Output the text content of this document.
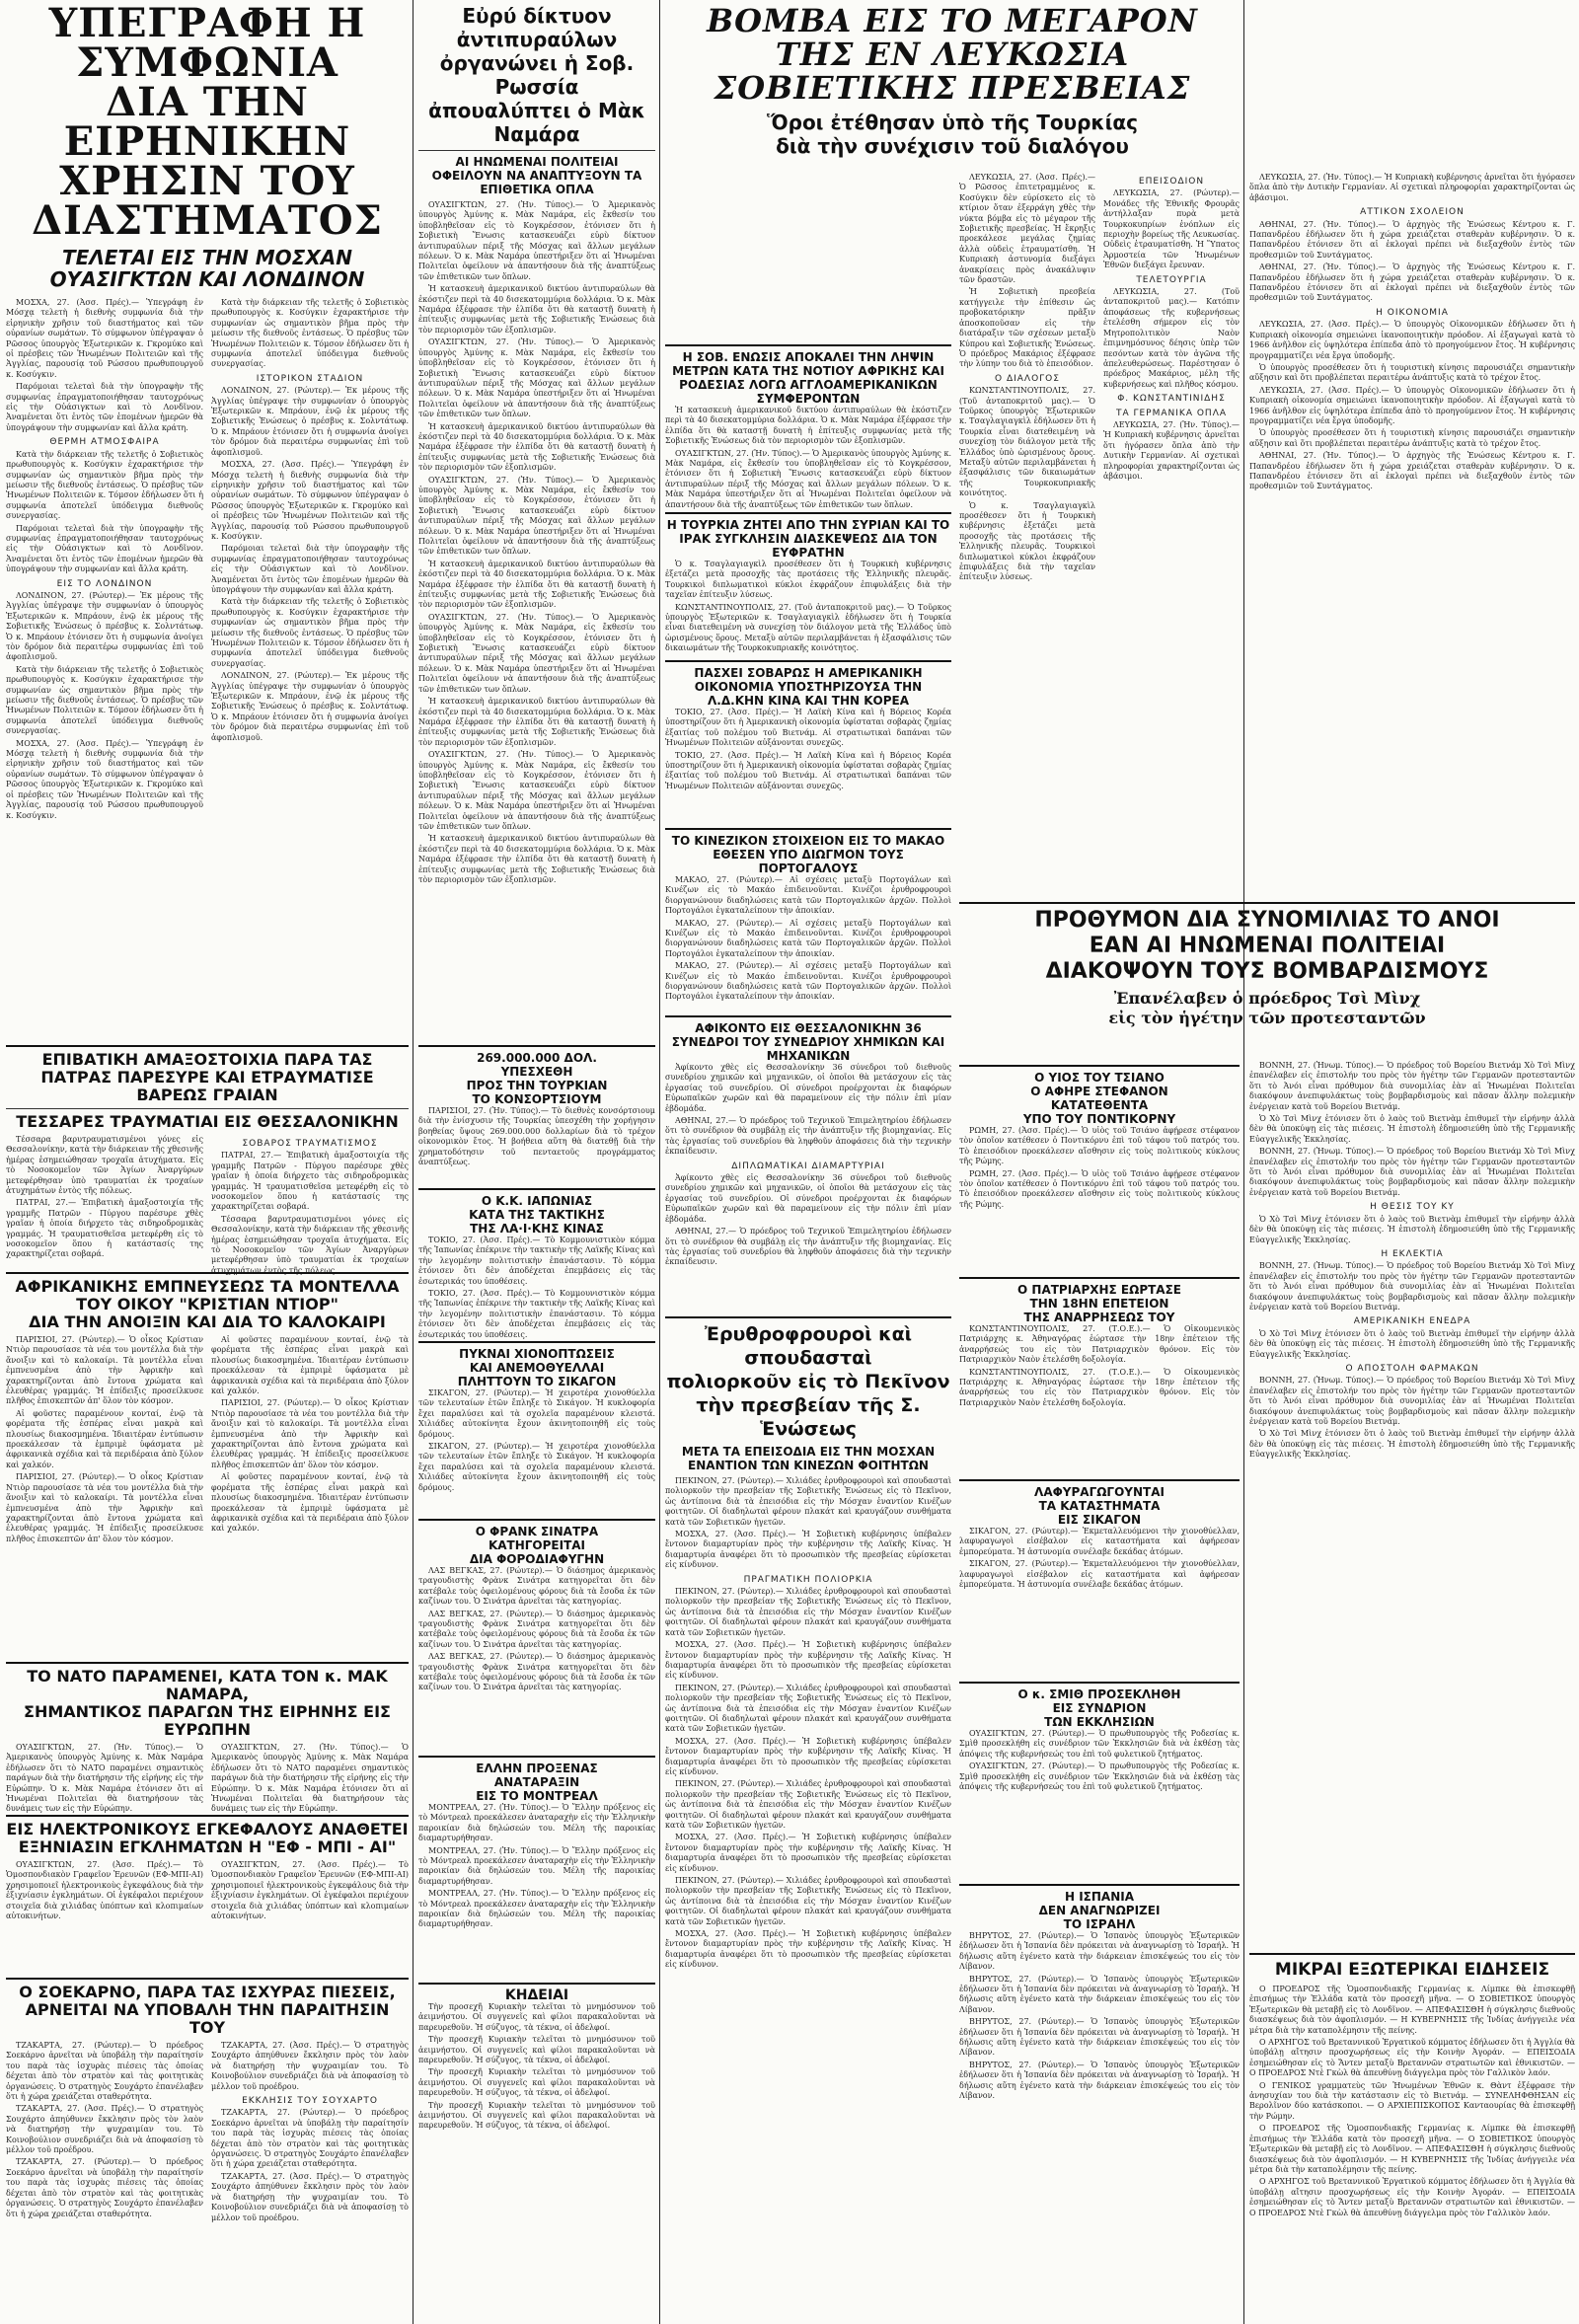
ΥΠΕΓΡΑΦΗ Η ΣΥΜΦΩΝΙΑ
ΔΙΑ ΤΗΝ ΕΙΡΗΝΙΚΗΝ
ΧΡΗΣΙΝ ΤΟΥ ΔΙΑΣΤΗΜΑΤΟΣ
ΤΕΛΕΤΑΙ ΕΙΣ ΤΗΝ ΜΟΣΧΑΝ
ΟΥΑΣΙΓΚΤΩΝ ΚΑΙ ΛΟΝΔΙΝΟΝ

ΜΟΣΧΑ, 27. (Ἀσσ. Πρές).— Ὑπεγράφη ἐν Μόσχᾳ τελετὴ ἡ διεθνὴς συμφωνία διὰ τὴν εἰρηνικὴν χρῆσιν τοῦ διαστήματος καὶ τῶν οὐρανίων σωμάτων. Τὸ σύμφωνον ὑπέγραψαν ὁ Ρῶσσος ὑπουργὸς Ἐξωτερικῶν κ. Γκρομύκο καὶ οἱ πρέσβεις τῶν Ἡνωμένων Πολιτειῶν καὶ τῆς Ἀγγλίας, παρουσίᾳ τοῦ Ρώσσου πρωθυπουργοῦ κ. Κοσύγκιν.

Παρόμοιαι τελεταὶ διὰ τὴν ὑπογραφὴν τῆς συμφωνίας ἐπραγματοποιήθησαν ταυτοχρόνως εἰς τὴν Οὐάσιγκτων καὶ τὸ Λονδῖνον. Ἀναμένεται ὅτι ἐντὸς τῶν ἑπομένων ἡμερῶν θὰ ὑπογράψουν τὴν συμφωνίαν καὶ ἄλλα κράτη.

ΘΕΡΜΗ ΑΤΜΟΣΦΑΙΡΑ

Κατὰ τὴν διάρκειαν τῆς τελετῆς ὁ Σοβιετικὸς πρωθυπουργὸς κ. Κοσύγκιν ἐχαρακτήρισε τὴν συμφωνίαν ὡς σημαντικὸν βῆμα πρὸς τὴν μείωσιν τῆς διεθνοῦς ἐντάσεως. Ὁ πρέσβυς τῶν Ἡνωμένων Πολιτειῶν κ. Τόμσον ἐδήλωσεν ὅτι ἡ συμφωνία ἀποτελεῖ ὑπόδειγμα διεθνοῦς συνεργασίας.

Παρόμοιαι τελεταὶ διὰ τὴν ὑπογραφὴν τῆς συμφωνίας ἐπραγματοποιήθησαν ταυτοχρόνως εἰς τὴν Οὐάσιγκτων καὶ τὸ Λονδῖνον. Ἀναμένεται ὅτι ἐντὸς τῶν ἑπομένων ἡμερῶν θὰ ὑπογράψουν τὴν συμφωνίαν καὶ ἄλλα κράτη.

ΕΙΣ ΤΟ ΛΟΝΔΙΝΟΝ

ΛΟΝΔΙΝΟΝ, 27. (Ρώυτερ).— Ἐκ μέρους τῆς Ἀγγλίας ὑπέγραψε τὴν συμφωνίαν ὁ ὑπουργὸς Ἐξωτερικῶν κ. Μπράουν, ἐνῷ ἐκ μέρους τῆς Σοβιετικῆς Ἑνώσεως ὁ πρέσβυς κ. Σολντάτωφ. Ὁ κ. Μπράουν ἐτόνισεν ὅτι ἡ συμφωνία ἀνοίγει τὸν δρόμον διὰ περαιτέρω συμφωνίας ἐπὶ τοῦ ἀφοπλισμοῦ.

Κατὰ τὴν διάρκειαν τῆς τελετῆς ὁ Σοβιετικὸς πρωθυπουργὸς κ. Κοσύγκιν ἐχαρακτήρισε τὴν συμφωνίαν ὡς σημαντικὸν βῆμα πρὸς τὴν μείωσιν τῆς διεθνοῦς ἐντάσεως. Ὁ πρέσβυς τῶν Ἡνωμένων Πολιτειῶν κ. Τόμσον ἐδήλωσεν ὅτι ἡ συμφωνία ἀποτελεῖ ὑπόδειγμα διεθνοῦς συνεργασίας.

ΜΟΣΧΑ, 27. (Ἀσσ. Πρές).— Ὑπεγράφη ἐν Μόσχᾳ τελετὴ ἡ διεθνὴς συμφωνία διὰ τὴν εἰρηνικὴν χρῆσιν τοῦ διαστήματος καὶ τῶν οὐρανίων σωμάτων. Τὸ σύμφωνον ὑπέγραψαν ὁ Ρῶσσος ὑπουργὸς Ἐξωτερικῶν κ. Γκρομύκο καὶ οἱ πρέσβεις τῶν Ἡνωμένων Πολιτειῶν καὶ τῆς Ἀγγλίας, παρουσίᾳ τοῦ Ρώσσου πρωθυπουργοῦ κ. Κοσύγκιν.

Κατὰ τὴν διάρκειαν τῆς τελετῆς ὁ Σοβιετικὸς πρωθυπουργὸς κ. Κοσύγκιν ἐχαρακτήρισε τὴν συμφωνίαν ὡς σημαντικὸν βῆμα πρὸς τὴν μείωσιν τῆς διεθνοῦς ἐντάσεως. Ὁ πρέσβυς τῶν Ἡνωμένων Πολιτειῶν κ. Τόμσον ἐδήλωσεν ὅτι ἡ συμφωνία ἀποτελεῖ ὑπόδειγμα διεθνοῦς συνεργασίας.

ΙΣΤΟΡΙΚΟΝ ΣΤΑΔΙΟΝ

ΛΟΝΔΙΝΟΝ, 27. (Ρώυτερ).— Ἐκ μέρους τῆς Ἀγγλίας ὑπέγραψε τὴν συμφωνίαν ὁ ὑπουργὸς Ἐξωτερικῶν κ. Μπράουν, ἐνῷ ἐκ μέρους τῆς Σοβιετικῆς Ἑνώσεως ὁ πρέσβυς κ. Σολντάτωφ. Ὁ κ. Μπράουν ἐτόνισεν ὅτι ἡ συμφωνία ἀνοίγει τὸν δρόμον διὰ περαιτέρω συμφωνίας ἐπὶ τοῦ ἀφοπλισμοῦ.

ΜΟΣΧΑ, 27. (Ἀσσ. Πρές).— Ὑπεγράφη ἐν Μόσχᾳ τελετὴ ἡ διεθνὴς συμφωνία διὰ τὴν εἰρηνικὴν χρῆσιν τοῦ διαστήματος καὶ τῶν οὐρανίων σωμάτων. Τὸ σύμφωνον ὑπέγραψαν ὁ Ρῶσσος ὑπουργὸς Ἐξωτερικῶν κ. Γκρομύκο καὶ οἱ πρέσβεις τῶν Ἡνωμένων Πολιτειῶν καὶ τῆς Ἀγγλίας, παρουσίᾳ τοῦ Ρώσσου πρωθυπουργοῦ κ. Κοσύγκιν.

Παρόμοιαι τελεταὶ διὰ τὴν ὑπογραφὴν τῆς συμφωνίας ἐπραγματοποιήθησαν ταυτοχρόνως εἰς τὴν Οὐάσιγκτων καὶ τὸ Λονδῖνον. Ἀναμένεται ὅτι ἐντὸς τῶν ἑπομένων ἡμερῶν θὰ ὑπογράψουν τὴν συμφωνίαν καὶ ἄλλα κράτη.

Κατὰ τὴν διάρκειαν τῆς τελετῆς ὁ Σοβιετικὸς πρωθυπουργὸς κ. Κοσύγκιν ἐχαρακτήρισε τὴν συμφωνίαν ὡς σημαντικὸν βῆμα πρὸς τὴν μείωσιν τῆς διεθνοῦς ἐντάσεως. Ὁ πρέσβυς τῶν Ἡνωμένων Πολιτειῶν κ. Τόμσον ἐδήλωσεν ὅτι ἡ συμφωνία ἀποτελεῖ ὑπόδειγμα διεθνοῦς συνεργασίας.

ΛΟΝΔΙΝΟΝ, 27. (Ρώυτερ).— Ἐκ μέρους τῆς Ἀγγλίας ὑπέγραψε τὴν συμφωνίαν ὁ ὑπουργὸς Ἐξωτερικῶν κ. Μπράουν, ἐνῷ ἐκ μέρους τῆς Σοβιετικῆς Ἑνώσεως ὁ πρέσβυς κ. Σολντάτωφ. Ὁ κ. Μπράουν ἐτόνισεν ὅτι ἡ συμφωνία ἀνοίγει τὸν δρόμον διὰ περαιτέρω συμφωνίας ἐπὶ τοῦ ἀφοπλισμοῦ.

ΕΠΙΒΑΤΙΚΗ ΑΜΑΞΟΣΤΟΙΧΙΑ ΠΑΡΑ ΤΑΣ ΠΑΤΡΑΣ ΠΑΡΕΣΥΡΕ ΚΑΙ ΕΤΡΑΥΜΑΤΙΣΕ ΒΑΡΕΩΣ ΓΡΑΙΑΝ
ΤΕΣΣΑΡΕΣ ΤΡΑΥΜΑΤΙΑΙ ΕΙΣ ΘΕΣΣΑΛΟΝΙΚΗΝ

Τέσσαρα βαρυτραυματισμένοι γόνες εἰς Θεσσαλονίκην, κατὰ τὴν διάρκειαν τῆς χθεσινῆς ἡμέρας ἐσημειώθησαν τροχαῖα ἀτυχήματα. Εἰς τὸ Νοσοκομεῖον τῶν Ἁγίων Ἀναργύρων μετεφέρθησαν ὑπὸ τραυματίαι ἐκ τροχαίων ἀτυχημάτων ἐντὸς τῆς πόλεως.

ΠΑΤΡΑΙ, 27.— Ἐπιβατικὴ ἁμαξοστοιχία τῆς γραμμῆς Πατρῶν - Πύργου παρέσυρε χθὲς γραῖαν ἡ ὁποία διήρχετο τὰς σιδηροδρομικὰς γραμμάς. Ἡ τραυματισθεῖσα μετεφέρθη εἰς τὸ νοσοκομεῖον ὅπου ἡ κατάστασίς της χαρακτηρίζεται σοβαρά.

ΣΟΒΑΡΟΣ ΤΡΑΥΜΑΤΙΣΜΟΣ

ΠΑΤΡΑΙ, 27.— Ἐπιβατικὴ ἁμαξοστοιχία τῆς γραμμῆς Πατρῶν - Πύργου παρέσυρε χθὲς γραῖαν ἡ ὁποία διήρχετο τὰς σιδηροδρομικὰς γραμμάς. Ἡ τραυματισθεῖσα μετεφέρθη εἰς τὸ νοσοκομεῖον ὅπου ἡ κατάστασίς της χαρακτηρίζεται σοβαρά.

Τέσσαρα βαρυτραυματισμένοι γόνες εἰς Θεσσαλονίκην, κατὰ τὴν διάρκειαν τῆς χθεσινῆς ἡμέρας ἐσημειώθησαν τροχαῖα ἀτυχήματα. Εἰς τὸ Νοσοκομεῖον τῶν Ἁγίων Ἀναργύρων μετεφέρθησαν ὑπὸ τραυματίαι ἐκ τροχαίων ἀτυχημάτων ἐντὸς τῆς πόλεως.

ΑΦΡΙΚΑΝΙΚΗΣ ΕΜΠΝΕΥΣΕΩΣ ΤΑ ΜΟΝΤΕΛΛΑ
ΤΟΥ ΟΙΚΟΥ "ΚΡΙΣΤΙΑΝ ΝΤΙΟΡ"
ΔΙΑ ΤΗΝ ΑΝΟΙΞΙΝ ΚΑΙ ΔΙΑ ΤΟ ΚΑΛΟΚΑΙΡΙ

ΠΑΡΙΣΙΟΙ, 27. (Ρώυτερ).— Ὁ οἶκος Κρίστιαν Ντιὸρ παρουσίασε τὰ νέα του μοντέλλα διὰ τὴν ἄνοιξιν καὶ τὸ καλοκαίρι. Τὰ μοντέλλα εἶναι ἐμπνευσμένα ἀπὸ τὴν Ἀφρικὴν καὶ χαρακτηρίζονται ἀπὸ ἔντονα χρώματα καὶ ἐλευθέρας γραμμάς. Ἡ ἐπίδειξις προσείλκυσε πλῆθος ἐπισκεπτῶν ἀπ' ὅλον τὸν κόσμον.

Αἱ φοῦστες παραμένουν κονταί, ἐνῷ τὰ φορέματα τῆς ἑσπέρας εἶναι μακρὰ καὶ πλουσίως διακοσμημένα. Ἰδιαιτέραν ἐντύπωσιν προεκάλεσαν τὰ ἐμπριμὲ ὑφάσματα μὲ ἀφρικανικὰ σχέδια καὶ τὰ περιδέραια ἀπὸ ξύλον καὶ χαλκόν.

ΠΑΡΙΣΙΟΙ, 27. (Ρώυτερ).— Ὁ οἶκος Κρίστιαν Ντιὸρ παρουσίασε τὰ νέα του μοντέλλα διὰ τὴν ἄνοιξιν καὶ τὸ καλοκαίρι. Τὰ μοντέλλα εἶναι ἐμπνευσμένα ἀπὸ τὴν Ἀφρικὴν καὶ χαρακτηρίζονται ἀπὸ ἔντονα χρώματα καὶ ἐλευθέρας γραμμάς. Ἡ ἐπίδειξις προσείλκυσε πλῆθος ἐπισκεπτῶν ἀπ' ὅλον τὸν κόσμον.

Αἱ φοῦστες παραμένουν κονταί, ἐνῷ τὰ φορέματα τῆς ἑσπέρας εἶναι μακρὰ καὶ πλουσίως διακοσμημένα. Ἰδιαιτέραν ἐντύπωσιν προεκάλεσαν τὰ ἐμπριμὲ ὑφάσματα μὲ ἀφρικανικὰ σχέδια καὶ τὰ περιδέραια ἀπὸ ξύλον καὶ χαλκόν.

ΠΑΡΙΣΙΟΙ, 27. (Ρώυτερ).— Ὁ οἶκος Κρίστιαν Ντιὸρ παρουσίασε τὰ νέα του μοντέλλα διὰ τὴν ἄνοιξιν καὶ τὸ καλοκαίρι. Τὰ μοντέλλα εἶναι ἐμπνευσμένα ἀπὸ τὴν Ἀφρικὴν καὶ χαρακτηρίζονται ἀπὸ ἔντονα χρώματα καὶ ἐλευθέρας γραμμάς. Ἡ ἐπίδειξις προσείλκυσε πλῆθος ἐπισκεπτῶν ἀπ' ὅλον τὸν κόσμον.

Αἱ φοῦστες παραμένουν κονταί, ἐνῷ τὰ φορέματα τῆς ἑσπέρας εἶναι μακρὰ καὶ πλουσίως διακοσμημένα. Ἰδιαιτέραν ἐντύπωσιν προεκάλεσαν τὰ ἐμπριμὲ ὑφάσματα μὲ ἀφρικανικὰ σχέδια καὶ τὰ περιδέραια ἀπὸ ξύλον καὶ χαλκόν.

ΤΟ ΝΑΤΟ ΠΑΡΑΜΕΝΕΙ, ΚΑΤΑ ΤΟΝ κ. ΜΑΚ ΝΑΜΑΡΑ,
ΣΗΜΑΝΤΙΚΟΣ ΠΑΡΑΓΩΝ ΤΗΣ ΕΙΡΗΝΗΣ ΕΙΣ ΕΥΡΩΠΗΝ

ΟΥΑΣΙΓΚΤΩΝ, 27. (Ἡν. Τύπος).— Ὁ Ἀμερικανὸς ὑπουργὸς Ἀμύνης κ. Μὰκ Ναμάρα ἐδήλωσεν ὅτι τὸ ΝΑΤΟ παραμένει σημαντικὸς παράγων διὰ τὴν διατήρησιν τῆς εἰρήνης εἰς τὴν Εὐρώπην. Ὁ κ. Μὰκ Ναμάρα ἐτόνισεν ὅτι αἱ Ἡνωμέναι Πολιτεῖαι θὰ διατηρήσουν τὰς δυνάμεις των εἰς τὴν Εὐρώπην.

ΟΥΑΣΙΓΚΤΩΝ, 27. (Ἡν. Τύπος).— Ὁ Ἀμερικανὸς ὑπουργὸς Ἀμύνης κ. Μὰκ Ναμάρα ἐδήλωσεν ὅτι τὸ ΝΑΤΟ παραμένει σημαντικὸς παράγων διὰ τὴν διατήρησιν τῆς εἰρήνης εἰς τὴν Εὐρώπην. Ὁ κ. Μὰκ Ναμάρα ἐτόνισεν ὅτι αἱ Ἡνωμέναι Πολιτεῖαι θὰ διατηρήσουν τὰς δυνάμεις των εἰς τὴν Εὐρώπην.

ΕΙΣ ΗΛΕΚΤΡΟΝΙΚΟΥΣ ΕΓΚΕΦΑΛΟΥΣ ΑΝΑΘΕΤΕΙ
ΕΞΗΝΙΑΣΙΝ ΕΓΚΛΗΜΑΤΩΝ Η "ΕΦ - ΜΠΙ - ΑΙ"

ΟΥΑΣΙΓΚΤΩΝ, 27. (Ἀσσ. Πρές).— Τὸ Ὁμοσπονδιακὸν Γραφεῖον Ἐρευνῶν (ΕΦ-ΜΠΙ-ΑΙ) χρησιμοποιεῖ ἠλεκτρονικοὺς ἐγκεφάλους διὰ τὴν ἐξιχνίασιν ἐγκλημάτων. Οἱ ἐγκέφαλοι περιέχουν στοιχεῖα διὰ χιλιάδας ὑπόπτων καὶ κλοπιμαίων αὐτοκινήτων.

ΟΥΑΣΙΓΚΤΩΝ, 27. (Ἀσσ. Πρές).— Τὸ Ὁμοσπονδιακὸν Γραφεῖον Ἐρευνῶν (ΕΦ-ΜΠΙ-ΑΙ) χρησιμοποιεῖ ἠλεκτρονικοὺς ἐγκεφάλους διὰ τὴν ἐξιχνίασιν ἐγκλημάτων. Οἱ ἐγκέφαλοι περιέχουν στοιχεῖα διὰ χιλιάδας ὑπόπτων καὶ κλοπιμαίων αὐτοκινήτων.

Ο ΣΟΕΚΑΡΝΟ, ΠΑΡΑ ΤΑΣ ΙΣΧΥΡΑΣ ΠΙΕΣΕΙΣ,
ΑΡΝΕΙΤΑΙ ΝΑ ΥΠΟΒΑΛΗ ΤΗΝ ΠΑΡΑΙΤΗΣΙΝ ΤΟΥ

ΤΖΑΚΑΡΤΑ, 27. (Ρώυτερ).— Ὁ πρόεδρος Σοεκάρνο ἀρνεῖται νὰ ὑποβάλῃ τὴν παραίτησίν του παρὰ τὰς ἰσχυρὰς πιέσεις τὰς ὁποίας δέχεται ἀπὸ τὸν στρατὸν καὶ τὰς φοιτητικὰς ὀργανώσεις. Ὁ στρατηγὸς Σουχάρτο ἐπανέλαβεν ὅτι ἡ χώρα χρειάζεται σταθερότητα.

ΤΖΑΚΑΡΤΑ, 27. (Ἀσσ. Πρές).— Ὁ στρατηγὸς Σουχάρτο ἀπηύθυνεν ἔκκλησιν πρὸς τὸν λαὸν νὰ διατηρήσῃ τὴν ψυχραιμίαν του. Τὸ Κοινοβούλιον συνεδριάζει διὰ νὰ ἀποφασίσῃ τὸ μέλλον τοῦ προέδρου.

ΤΖΑΚΑΡΤΑ, 27. (Ρώυτερ).— Ὁ πρόεδρος Σοεκάρνο ἀρνεῖται νὰ ὑποβάλῃ τὴν παραίτησίν του παρὰ τὰς ἰσχυρὰς πιέσεις τὰς ὁποίας δέχεται ἀπὸ τὸν στρατὸν καὶ τὰς φοιτητικὰς ὀργανώσεις. Ὁ στρατηγὸς Σουχάρτο ἐπανέλαβεν ὅτι ἡ χώρα χρειάζεται σταθερότητα.

ΤΖΑΚΑΡΤΑ, 27. (Ἀσσ. Πρές).— Ὁ στρατηγὸς Σουχάρτο ἀπηύθυνεν ἔκκλησιν πρὸς τὸν λαὸν νὰ διατηρήσῃ τὴν ψυχραιμίαν του. Τὸ Κοινοβούλιον συνεδριάζει διὰ νὰ ἀποφασίσῃ τὸ μέλλον τοῦ προέδρου.

ΕΚΚΛΗΣΙΣ ΤΟΥ ΣΟΥΧΑΡΤΟ

ΤΖΑΚΑΡΤΑ, 27. (Ρώυτερ).— Ὁ πρόεδρος Σοεκάρνο ἀρνεῖται νὰ ὑποβάλῃ τὴν παραίτησίν του παρὰ τὰς ἰσχυρὰς πιέσεις τὰς ὁποίας δέχεται ἀπὸ τὸν στρατὸν καὶ τὰς φοιτητικὰς ὀργανώσεις. Ὁ στρατηγὸς Σουχάρτο ἐπανέλαβεν ὅτι ἡ χώρα χρειάζεται σταθερότητα.

ΤΖΑΚΑΡΤΑ, 27. (Ἀσσ. Πρές).— Ὁ στρατηγὸς Σουχάρτο ἀπηύθυνεν ἔκκλησιν πρὸς τὸν λαὸν νὰ διατηρήσῃ τὴν ψυχραιμίαν του. Τὸ Κοινοβούλιον συνεδριάζει διὰ νὰ ἀποφασίσῃ τὸ μέλλον τοῦ προέδρου.

269.000.000 ΔΟΛ.
ΥΠΕΣΧΕΘΗ
ΠΡΟΣ ΤΗΝ ΤΟΥΡΚΙΑΝ
ΤΟ ΚΟΝΣΟΡΤΣΙΟΥΜ

ΠΑΡΙΣΙΟΙ, 27. (Ἡν. Τύπος).— Τὸ διεθνὲς κονσόρτσιουμ διὰ τὴν ἐνίσχυσιν τῆς Τουρκίας ὑπεσχέθη τὴν χορήγησιν βοηθείας ὕψους 269.000.000 δολλαρίων διὰ τὸ τρέχον οἰκονομικὸν ἔτος. Ἡ βοήθεια αὕτη θὰ διατεθῇ διὰ τὴν χρηματοδότησιν τοῦ πενταετοῦς προγράμματος ἀναπτύξεως.

Ο Κ.Κ. ΙΑΠΩΝΙΑΣ
ΚΑΤΑ ΤΗΣ ΤΑΚΤΙΚΗΣ
ΤΗΣ ΛΑ·Ι·ΚΗΣ ΚΙΝΑΣ

ΤΟΚΙΟ, 27. (Ἀσσ. Πρές).— Τὸ Κομμουνιστικὸν κόμμα τῆς Ἰαπωνίας ἐπέκρινε τὴν τακτικὴν τῆς Λαϊκῆς Κίνας καὶ τὴν λεγομένην πολιτιστικὴν ἐπανάστασιν. Τὸ κόμμα ἐτόνισεν ὅτι δὲν ἀποδέχεται ἐπεμβάσεις εἰς τὰς ἐσωτερικάς του ὑποθέσεις.

ΤΟΚΙΟ, 27. (Ἀσσ. Πρές).— Τὸ Κομμουνιστικὸν κόμμα τῆς Ἰαπωνίας ἐπέκρινε τὴν τακτικὴν τῆς Λαϊκῆς Κίνας καὶ τὴν λεγομένην πολιτιστικὴν ἐπανάστασιν. Τὸ κόμμα ἐτόνισεν ὅτι δὲν ἀποδέχεται ἐπεμβάσεις εἰς τὰς ἐσωτερικάς του ὑποθέσεις.

ΠΥΚΝΑΙ ΧΙΟΝΟΠΤΩΣΕΙΣ
ΚΑΙ ΑΝΕΜΟΘΥΕΛΛΑΙ
ΠΛΗΤΤΟΥΝ ΤΟ ΣΙΚΑΓΟΝ

ΣΙΚΑΓΟΝ, 27. (Ρώυτερ).— Ἡ χειροτέρα χιονοθύελλα τῶν τελευταίων ἐτῶν ἔπληξε τὸ Σικάγον. Ἡ κυκλοφορία ἔχει παραλύσει καὶ τὰ σχολεῖα παραμένουν κλειστά. Χιλιάδες αὐτοκίνητα ἔχουν ἀκινητοποιηθῆ εἰς τοὺς δρόμους.

ΣΙΚΑΓΟΝ, 27. (Ρώυτερ).— Ἡ χειροτέρα χιονοθύελλα τῶν τελευταίων ἐτῶν ἔπληξε τὸ Σικάγον. Ἡ κυκλοφορία ἔχει παραλύσει καὶ τὰ σχολεῖα παραμένουν κλειστά. Χιλιάδες αὐτοκίνητα ἔχουν ἀκινητοποιηθῆ εἰς τοὺς δρόμους.

Ο ΦΡΑΝΚ ΣΙΝΑΤΡΑ
ΚΑΤΗΓΟΡΕΙΤΑΙ
ΔΙΑ ΦΟΡΟΔΙΑΦΥΓΗΝ

ΛΑΣ ΒΕΓΚΑΣ, 27. (Ρώυτερ).— Ὁ διάσημος ἀμερικανὸς τραγουδιστὴς Φρὰνκ Σινάτρα κατηγορεῖται ὅτι δὲν κατέβαλε τοὺς ὀφειλομένους φόρους διὰ τὰ ἔσοδα ἐκ τῶν καζίνων του. Ὁ Σινάτρα ἀρνεῖται τὰς κατηγορίας.

ΛΑΣ ΒΕΓΚΑΣ, 27. (Ρώυτερ).— Ὁ διάσημος ἀμερικανὸς τραγουδιστὴς Φρὰνκ Σινάτρα κατηγορεῖται ὅτι δὲν κατέβαλε τοὺς ὀφειλομένους φόρους διὰ τὰ ἔσοδα ἐκ τῶν καζίνων του. Ὁ Σινάτρα ἀρνεῖται τὰς κατηγορίας.

ΛΑΣ ΒΕΓΚΑΣ, 27. (Ρώυτερ).— Ὁ διάσημος ἀμερικανὸς τραγουδιστὴς Φρὰνκ Σινάτρα κατηγορεῖται ὅτι δὲν κατέβαλε τοὺς ὀφειλομένους φόρους διὰ τὰ ἔσοδα ἐκ τῶν καζίνων του. Ὁ Σινάτρα ἀρνεῖται τὰς κατηγορίας.

ΕΛΛΗΝ ΠΡΟΞΕΝΑΣ
ΑΝΑΤΑΡΑΞΙΝ
ΕΙΣ ΤΟ ΜΟΝΤΡΕΑΛ

ΜΟΝΤΡΕΑΛ, 27. (Ἡν. Τύπος).— Ὁ Ἕλλην πρόξενος εἰς τὸ Μόντρεαλ προεκάλεσεν ἀναταραχὴν εἰς τὴν Ἑλληνικὴν παροικίαν διὰ δηλώσεών του. Μέλη τῆς παροικίας διαμαρτυρήθησαν.

ΜΟΝΤΡΕΑΛ, 27. (Ἡν. Τύπος).— Ὁ Ἕλλην πρόξενος εἰς τὸ Μόντρεαλ προεκάλεσεν ἀναταραχὴν εἰς τὴν Ἑλληνικὴν παροικίαν διὰ δηλώσεών του. Μέλη τῆς παροικίας διαμαρτυρήθησαν.

ΜΟΝΤΡΕΑΛ, 27. (Ἡν. Τύπος).— Ὁ Ἕλλην πρόξενος εἰς τὸ Μόντρεαλ προεκάλεσεν ἀναταραχὴν εἰς τὴν Ἑλληνικὴν παροικίαν διὰ δηλώσεών του. Μέλη τῆς παροικίας διαμαρτυρήθησαν.

ΚΗΔΕΙΑΙ

Τὴν προσεχῆ Κυριακὴν τελεῖται τὸ μνημόσυνον τοῦ ἀειμνήστου. Οἱ συγγενεῖς καὶ φίλοι παρακαλοῦνται νὰ παρευρεθοῦν. Ἡ σύζυγος, τὰ τέκνα, οἱ ἀδελφοί.

Τὴν προσεχῆ Κυριακὴν τελεῖται τὸ μνημόσυνον τοῦ ἀειμνήστου. Οἱ συγγενεῖς καὶ φίλοι παρακαλοῦνται νὰ παρευρεθοῦν. Ἡ σύζυγος, τὰ τέκνα, οἱ ἀδελφοί.

Τὴν προσεχῆ Κυριακὴν τελεῖται τὸ μνημόσυνον τοῦ ἀειμνήστου. Οἱ συγγενεῖς καὶ φίλοι παρακαλοῦνται νὰ παρευρεθοῦν. Ἡ σύζυγος, τὰ τέκνα, οἱ ἀδελφοί.

Τὴν προσεχῆ Κυριακὴν τελεῖται τὸ μνημόσυνον τοῦ ἀειμνήστου. Οἱ συγγενεῖς καὶ φίλοι παρακαλοῦνται νὰ παρευρεθοῦν. Ἡ σύζυγος, τὰ τέκνα, οἱ ἀδελφοί.

Εὐρύ δίκτυον ἀντιπυραύλων
ὀργανώνει ἡ Σοβ. Ρωσσία
ἀπουαλύπτει ὁ Μὰκ Ναμάρα
ΑΙ ΗΝΩΜΕΝΑΙ ΠΟΛΙΤΕΙΑΙ ΟΦΕΙΛΟΥΝ ΝΑ ΑΝΑΠΤΥΞΟΥΝ ΤΑ ΕΠΙΘΕΤΙΚΑ ΟΠΛΑ

ΟΥΑΣΙΓΚΤΩΝ, 27. (Ἡν. Τύπος).— Ὁ Ἀμερικανὸς ὑπουργὸς Ἀμύνης κ. Μὰκ Ναμάρα, εἰς ἔκθεσίν του ὑποβληθεῖσαν εἰς τὸ Κογκρέσσον, ἐτόνισεν ὅτι ἡ Σοβιετικὴ Ἕνωσις κατασκευάζει εὐρὺ δίκτυον ἀντιπυραύλων πέριξ τῆς Μόσχας καὶ ἄλλων μεγάλων πόλεων. Ὁ κ. Μὰκ Ναμάρα ὑπεστήριξεν ὅτι αἱ Ἡνωμέναι Πολιτεῖαι ὀφείλουν νὰ ἀπαντήσουν διὰ τῆς ἀναπτύξεως τῶν ἐπιθετικῶν των ὅπλων.

Ἡ κατασκευὴ ἀμερικανικοῦ δικτύου ἀντιπυραύλων θὰ ἐκόστιζεν περὶ τὰ 40 δισεκατομμύρια δολλάρια. Ὁ κ. Μὰκ Ναμάρα ἐξέφρασε τὴν ἐλπίδα ὅτι θὰ καταστῇ δυνατὴ ἡ ἐπίτευξις συμφωνίας μετὰ τῆς Σοβιετικῆς Ἑνώσεως διὰ τὸν περιορισμὸν τῶν ἐξοπλισμῶν.

ΟΥΑΣΙΓΚΤΩΝ, 27. (Ἡν. Τύπος).— Ὁ Ἀμερικανὸς ὑπουργὸς Ἀμύνης κ. Μὰκ Ναμάρα, εἰς ἔκθεσίν του ὑποβληθεῖσαν εἰς τὸ Κογκρέσσον, ἐτόνισεν ὅτι ἡ Σοβιετικὴ Ἕνωσις κατασκευάζει εὐρὺ δίκτυον ἀντιπυραύλων πέριξ τῆς Μόσχας καὶ ἄλλων μεγάλων πόλεων. Ὁ κ. Μὰκ Ναμάρα ὑπεστήριξεν ὅτι αἱ Ἡνωμέναι Πολιτεῖαι ὀφείλουν νὰ ἀπαντήσουν διὰ τῆς ἀναπτύξεως τῶν ἐπιθετικῶν των ὅπλων.

Ἡ κατασκευὴ ἀμερικανικοῦ δικτύου ἀντιπυραύλων θὰ ἐκόστιζεν περὶ τὰ 40 δισεκατομμύρια δολλάρια. Ὁ κ. Μὰκ Ναμάρα ἐξέφρασε τὴν ἐλπίδα ὅτι θὰ καταστῇ δυνατὴ ἡ ἐπίτευξις συμφωνίας μετὰ τῆς Σοβιετικῆς Ἑνώσεως διὰ τὸν περιορισμὸν τῶν ἐξοπλισμῶν.

ΟΥΑΣΙΓΚΤΩΝ, 27. (Ἡν. Τύπος).— Ὁ Ἀμερικανὸς ὑπουργὸς Ἀμύνης κ. Μὰκ Ναμάρα, εἰς ἔκθεσίν του ὑποβληθεῖσαν εἰς τὸ Κογκρέσσον, ἐτόνισεν ὅτι ἡ Σοβιετικὴ Ἕνωσις κατασκευάζει εὐρὺ δίκτυον ἀντιπυραύλων πέριξ τῆς Μόσχας καὶ ἄλλων μεγάλων πόλεων. Ὁ κ. Μὰκ Ναμάρα ὑπεστήριξεν ὅτι αἱ Ἡνωμέναι Πολιτεῖαι ὀφείλουν νὰ ἀπαντήσουν διὰ τῆς ἀναπτύξεως τῶν ἐπιθετικῶν των ὅπλων.

Ἡ κατασκευὴ ἀμερικανικοῦ δικτύου ἀντιπυραύλων θὰ ἐκόστιζεν περὶ τὰ 40 δισεκατομμύρια δολλάρια. Ὁ κ. Μὰκ Ναμάρα ἐξέφρασε τὴν ἐλπίδα ὅτι θὰ καταστῇ δυνατὴ ἡ ἐπίτευξις συμφωνίας μετὰ τῆς Σοβιετικῆς Ἑνώσεως διὰ τὸν περιορισμὸν τῶν ἐξοπλισμῶν.

ΟΥΑΣΙΓΚΤΩΝ, 27. (Ἡν. Τύπος).— Ὁ Ἀμερικανὸς ὑπουργὸς Ἀμύνης κ. Μὰκ Ναμάρα, εἰς ἔκθεσίν του ὑποβληθεῖσαν εἰς τὸ Κογκρέσσον, ἐτόνισεν ὅτι ἡ Σοβιετικὴ Ἕνωσις κατασκευάζει εὐρὺ δίκτυον ἀντιπυραύλων πέριξ τῆς Μόσχας καὶ ἄλλων μεγάλων πόλεων. Ὁ κ. Μὰκ Ναμάρα ὑπεστήριξεν ὅτι αἱ Ἡνωμέναι Πολιτεῖαι ὀφείλουν νὰ ἀπαντήσουν διὰ τῆς ἀναπτύξεως τῶν ἐπιθετικῶν των ὅπλων.

Ἡ κατασκευὴ ἀμερικανικοῦ δικτύου ἀντιπυραύλων θὰ ἐκόστιζεν περὶ τὰ 40 δισεκατομμύρια δολλάρια. Ὁ κ. Μὰκ Ναμάρα ἐξέφρασε τὴν ἐλπίδα ὅτι θὰ καταστῇ δυνατὴ ἡ ἐπίτευξις συμφωνίας μετὰ τῆς Σοβιετικῆς Ἑνώσεως διὰ τὸν περιορισμὸν τῶν ἐξοπλισμῶν.

ΟΥΑΣΙΓΚΤΩΝ, 27. (Ἡν. Τύπος).— Ὁ Ἀμερικανὸς ὑπουργὸς Ἀμύνης κ. Μὰκ Ναμάρα, εἰς ἔκθεσίν του ὑποβληθεῖσαν εἰς τὸ Κογκρέσσον, ἐτόνισεν ὅτι ἡ Σοβιετικὴ Ἕνωσις κατασκευάζει εὐρὺ δίκτυον ἀντιπυραύλων πέριξ τῆς Μόσχας καὶ ἄλλων μεγάλων πόλεων. Ὁ κ. Μὰκ Ναμάρα ὑπεστήριξεν ὅτι αἱ Ἡνωμέναι Πολιτεῖαι ὀφείλουν νὰ ἀπαντήσουν διὰ τῆς ἀναπτύξεως τῶν ἐπιθετικῶν των ὅπλων.

Ἡ κατασκευὴ ἀμερικανικοῦ δικτύου ἀντιπυραύλων θὰ ἐκόστιζεν περὶ τὰ 40 δισεκατομμύρια δολλάρια. Ὁ κ. Μὰκ Ναμάρα ἐξέφρασε τὴν ἐλπίδα ὅτι θὰ καταστῇ δυνατὴ ἡ ἐπίτευξις συμφωνίας μετὰ τῆς Σοβιετικῆς Ἑνώσεως διὰ τὸν περιορισμὸν τῶν ἐξοπλισμῶν.

Η ΣΟΒ. ΕΝΩΣΙΣ ΑΠΟΚΑΛΕΙ ΤΗΝ ΛΗΨΙΝ ΜΕΤΡΩΝ ΚΑΤΑ ΤΗΣ ΝΟΤΙΟΥ ΑΦΡΙΚΗΣ ΚΑΙ ΡΟΔΕΣΙΑΣ ΛΟΓΩ ΑΓΓΛΟΑΜΕΡΙΚΑΝΙΚΩΝ ΣΥΜΦΕΡΟΝΤΩΝ

Ἡ κατασκευὴ ἀμερικανικοῦ δικτύου ἀντιπυραύλων θὰ ἐκόστιζεν περὶ τὰ 40 δισεκατομμύρια δολλάρια. Ὁ κ. Μὰκ Ναμάρα ἐξέφρασε τὴν ἐλπίδα ὅτι θὰ καταστῇ δυνατὴ ἡ ἐπίτευξις συμφωνίας μετὰ τῆς Σοβιετικῆς Ἑνώσεως διὰ τὸν περιορισμὸν τῶν ἐξοπλισμῶν.

ΟΥΑΣΙΓΚΤΩΝ, 27. (Ἡν. Τύπος).— Ὁ Ἀμερικανὸς ὑπουργὸς Ἀμύνης κ. Μὰκ Ναμάρα, εἰς ἔκθεσίν του ὑποβληθεῖσαν εἰς τὸ Κογκρέσσον, ἐτόνισεν ὅτι ἡ Σοβιετικὴ Ἕνωσις κατασκευάζει εὐρὺ δίκτυον ἀντιπυραύλων πέριξ τῆς Μόσχας καὶ ἄλλων μεγάλων πόλεων. Ὁ κ. Μὰκ Ναμάρα ὑπεστήριξεν ὅτι αἱ Ἡνωμέναι Πολιτεῖαι ὀφείλουν νὰ ἀπαντήσουν διὰ τῆς ἀναπτύξεως τῶν ἐπιθετικῶν των ὅπλων.

Η ΤΟΥΡΚΙΑ ΖΗΤΕΙ ΑΠΟ ΤΗΝ ΣΥΡΙΑΝ ΚΑΙ ΤΟ ΙΡΑΚ ΣΥΓΚΛΗΣΙΝ ΔΙΑΣΚΕΨΕΩΣ ΔΙΑ ΤΟΝ ΕΥΦΡΑΤΗΝ

Ὁ κ. Τσαγλαγιαγκὶλ προσέθεσεν ὅτι ἡ Τουρκικὴ κυβέρνησις ἐξετάζει μετὰ προσοχῆς τὰς προτάσεις τῆς Ἑλληνικῆς πλευρᾶς. Τουρκικοὶ διπλωματικοὶ κύκλοι ἐκφράζουν ἐπιφυλάξεις διὰ τὴν ταχεῖαν ἐπίτευξιν λύσεως.

ΚΩΝΣΤΑΝΤΙΝΟΥΠΟΛΙΣ, 27. (Τοῦ ἀνταποκριτοῦ μας).— Ὁ Τοῦρκος ὑπουργὸς Ἐξωτερικῶν κ. Τσαγλαγιαγκὶλ ἐδήλωσεν ὅτι ἡ Τουρκία εἶναι διατεθειμένη νὰ συνεχίσῃ τὸν διάλογον μετὰ τῆς Ἑλλάδος ὑπὸ ὡρισμένους ὅρους. Μεταξὺ αὐτῶν περιλαμβάνεται ἡ ἐξασφάλισις τῶν δικαιωμάτων τῆς Τουρκοκυπριακῆς κοινότητος.

ΠΑΣΧΕΙ ΣΟΒΑΡΩΣ Η ΑΜΕΡΙΚΑΝΙΚΗ ΟΙΚΟΝΟΜΙΑ ΥΠΟΣΤΗΡΙΖΟΥΣΑ ΤΗΝ Λ.Δ.ΚΗΝ ΚΙΝΑ ΚΑΙ ΤΗΝ ΚΟΡΕΑ

ΤΟΚΙΟ, 27. (Ἀσσ. Πρές).— Ἡ Λαϊκὴ Κίνα καὶ ἡ Βόρειος Κορέα ὑποστηρίζουν ὅτι ἡ Ἀμερικανικὴ οἰκονομία ὑφίσταται σοβαρὰς ζημίας ἐξαιτίας τοῦ πολέμου τοῦ Βιετνάμ. Αἱ στρατιωτικαὶ δαπάναι τῶν Ἡνωμένων Πολιτειῶν αὐξάνονται συνεχῶς.

ΤΟΚΙΟ, 27. (Ἀσσ. Πρές).— Ἡ Λαϊκὴ Κίνα καὶ ἡ Βόρειος Κορέα ὑποστηρίζουν ὅτι ἡ Ἀμερικανικὴ οἰκονομία ὑφίσταται σοβαρὰς ζημίας ἐξαιτίας τοῦ πολέμου τοῦ Βιετνάμ. Αἱ στρατιωτικαὶ δαπάναι τῶν Ἡνωμένων Πολιτειῶν αὐξάνονται συνεχῶς.

ΤΟ ΚΙΝΕΖΙΚΟΝ ΣΤΟΙΧΕΙΟΝ ΕΙΣ ΤΟ ΜΑΚΑΟ ΕΘΕΣΕΝ ΥΠΟ ΔΙΩΓΜΟΝ ΤΟΥΣ ΠΟΡΤΟΓΑΛΟΥΣ

ΜΑΚΑΟ, 27. (Ρώυτερ).— Αἱ σχέσεις μεταξὺ Πορτογάλων καὶ Κινέζων εἰς τὸ Μακάο ἐπιδεινοῦνται. Κινέζοι ἐρυθροφρουροὶ διοργανώνουν διαδηλώσεις κατὰ τῶν Πορτογαλικῶν ἀρχῶν. Πολλοὶ Πορτογάλοι ἐγκαταλείπουν τὴν ἀποικίαν.

ΜΑΚΑΟ, 27. (Ρώυτερ).— Αἱ σχέσεις μεταξὺ Πορτογάλων καὶ Κινέζων εἰς τὸ Μακάο ἐπιδεινοῦνται. Κινέζοι ἐρυθροφρουροὶ διοργανώνουν διαδηλώσεις κατὰ τῶν Πορτογαλικῶν ἀρχῶν. Πολλοὶ Πορτογάλοι ἐγκαταλείπουν τὴν ἀποικίαν.

ΜΑΚΑΟ, 27. (Ρώυτερ).— Αἱ σχέσεις μεταξὺ Πορτογάλων καὶ Κινέζων εἰς τὸ Μακάο ἐπιδεινοῦνται. Κινέζοι ἐρυθροφρουροὶ διοργανώνουν διαδηλώσεις κατὰ τῶν Πορτογαλικῶν ἀρχῶν. Πολλοὶ Πορτογάλοι ἐγκαταλείπουν τὴν ἀποικίαν.

ΑΦΙΚΟΝΤΟ ΕΙΣ ΘΕΣΣΑΛΟΝΙΚΗΝ 36 ΣΥΝΕΔΡΟΙ ΤΟΥ ΣΥΝΕΔΡΙΟΥ ΧΗΜΙΚΩΝ ΚΑΙ ΜΗΧΑΝΙΚΩΝ

Ἀφίκοντο χθὲς εἰς Θεσσαλονίκην 36 σύνεδροι τοῦ διεθνοῦς συνεδρίου χημικῶν καὶ μηχανικῶν, οἱ ὁποῖοι θὰ μετάσχουν εἰς τὰς ἐργασίας τοῦ συνεδρίου. Οἱ σύνεδροι προέρχονται ἐκ διαφόρων Εὐρωπαϊκῶν χωρῶν καὶ θὰ παραμείνουν εἰς τὴν πόλιν ἐπὶ μίαν ἑβδομάδα.

ΑΘΗΝΑΙ, 27.— Ὁ πρόεδρος τοῦ Τεχνικοῦ Ἐπιμελητηρίου ἐδήλωσεν ὅτι τὸ συνέδριον θὰ συμβάλῃ εἰς τὴν ἀνάπτυξιν τῆς βιομηχανίας. Εἰς τὰς ἐργασίας τοῦ συνεδρίου θὰ ληφθοῦν ἀποφάσεις διὰ τὴν τεχνικὴν ἐκπαίδευσιν.

ΔΙΠΛΩΜΑΤΙΚΑΙ ΔΙΑΜΑΡΤΥΡΙΑΙ

Ἀφίκοντο χθὲς εἰς Θεσσαλονίκην 36 σύνεδροι τοῦ διεθνοῦς συνεδρίου χημικῶν καὶ μηχανικῶν, οἱ ὁποῖοι θὰ μετάσχουν εἰς τὰς ἐργασίας τοῦ συνεδρίου. Οἱ σύνεδροι προέρχονται ἐκ διαφόρων Εὐρωπαϊκῶν χωρῶν καὶ θὰ παραμείνουν εἰς τὴν πόλιν ἐπὶ μίαν ἑβδομάδα.

ΑΘΗΝΑΙ, 27.— Ὁ πρόεδρος τοῦ Τεχνικοῦ Ἐπιμελητηρίου ἐδήλωσεν ὅτι τὸ συνέδριον θὰ συμβάλῃ εἰς τὴν ἀνάπτυξιν τῆς βιομηχανίας. Εἰς τὰς ἐργασίας τοῦ συνεδρίου θὰ ληφθοῦν ἀποφάσεις διὰ τὴν τεχνικὴν ἐκπαίδευσιν.

Ἐρυθροφρουροὶ καὶ σπουδασταὶ
πολιορκοῦν εἰς τὸ Πεκῖνον
τὴν πρεσβείαν τῆς Σ. Ἑνώσεως
ΜΕΤΑ ΤΑ ΕΠΕΙΣΟΔΙΑ ΕΙΣ ΤΗΝ ΜΟΣΧΑΝ
ΕΝΑΝΤΙΟΝ ΤΩΝ ΚΙΝΕΖΩΝ ΦΟΙΤΗΤΩΝ

ΠΕΚΙΝΟΝ, 27. (Ρώυτερ).— Χιλιάδες ἐρυθροφρουροὶ καὶ σπουδασταὶ πολιορκοῦν τὴν πρεσβείαν τῆς Σοβιετικῆς Ἑνώσεως εἰς τὸ Πεκῖνον, ὡς ἀντίποινα διὰ τὰ ἐπεισόδια εἰς τὴν Μόσχαν ἐναντίον Κινέζων φοιτητῶν. Οἱ διαδηλωταὶ φέρουν πλακάτ καὶ κραυγάζουν συνθήματα κατὰ τῶν Σοβιετικῶν ἡγετῶν.

ΜΟΣΧΑ, 27. (Ἀσσ. Πρές).— Ἡ Σοβιετικὴ κυβέρνησις ὑπέβαλεν ἔντονον διαμαρτυρίαν πρὸς τὴν κυβέρνησιν τῆς Λαϊκῆς Κίνας. Ἡ διαμαρτυρία ἀναφέρει ὅτι τὸ προσωπικὸν τῆς πρεσβείας εὑρίσκεται εἰς κίνδυνον.

ΠΡΑΓΜΑΤΙΚΗ ΠΟΛΙΟΡΚΙΑ

ΠΕΚΙΝΟΝ, 27. (Ρώυτερ).— Χιλιάδες ἐρυθροφρουροὶ καὶ σπουδασταὶ πολιορκοῦν τὴν πρεσβείαν τῆς Σοβιετικῆς Ἑνώσεως εἰς τὸ Πεκῖνον, ὡς ἀντίποινα διὰ τὰ ἐπεισόδια εἰς τὴν Μόσχαν ἐναντίον Κινέζων φοιτητῶν. Οἱ διαδηλωταὶ φέρουν πλακάτ καὶ κραυγάζουν συνθήματα κατὰ τῶν Σοβιετικῶν ἡγετῶν.

ΜΟΣΧΑ, 27. (Ἀσσ. Πρές).— Ἡ Σοβιετικὴ κυβέρνησις ὑπέβαλεν ἔντονον διαμαρτυρίαν πρὸς τὴν κυβέρνησιν τῆς Λαϊκῆς Κίνας. Ἡ διαμαρτυρία ἀναφέρει ὅτι τὸ προσωπικὸν τῆς πρεσβείας εὑρίσκεται εἰς κίνδυνον.

ΠΕΚΙΝΟΝ, 27. (Ρώυτερ).— Χιλιάδες ἐρυθροφρουροὶ καὶ σπουδασταὶ πολιορκοῦν τὴν πρεσβείαν τῆς Σοβιετικῆς Ἑνώσεως εἰς τὸ Πεκῖνον, ὡς ἀντίποινα διὰ τὰ ἐπεισόδια εἰς τὴν Μόσχαν ἐναντίον Κινέζων φοιτητῶν. Οἱ διαδηλωταὶ φέρουν πλακάτ καὶ κραυγάζουν συνθήματα κατὰ τῶν Σοβιετικῶν ἡγετῶν.

ΜΟΣΧΑ, 27. (Ἀσσ. Πρές).— Ἡ Σοβιετικὴ κυβέρνησις ὑπέβαλεν ἔντονον διαμαρτυρίαν πρὸς τὴν κυβέρνησιν τῆς Λαϊκῆς Κίνας. Ἡ διαμαρτυρία ἀναφέρει ὅτι τὸ προσωπικὸν τῆς πρεσβείας εὑρίσκεται εἰς κίνδυνον.

ΠΕΚΙΝΟΝ, 27. (Ρώυτερ).— Χιλιάδες ἐρυθροφρουροὶ καὶ σπουδασταὶ πολιορκοῦν τὴν πρεσβείαν τῆς Σοβιετικῆς Ἑνώσεως εἰς τὸ Πεκῖνον, ὡς ἀντίποινα διὰ τὰ ἐπεισόδια εἰς τὴν Μόσχαν ἐναντίον Κινέζων φοιτητῶν. Οἱ διαδηλωταὶ φέρουν πλακάτ καὶ κραυγάζουν συνθήματα κατὰ τῶν Σοβιετικῶν ἡγετῶν.

ΜΟΣΧΑ, 27. (Ἀσσ. Πρές).— Ἡ Σοβιετικὴ κυβέρνησις ὑπέβαλεν ἔντονον διαμαρτυρίαν πρὸς τὴν κυβέρνησιν τῆς Λαϊκῆς Κίνας. Ἡ διαμαρτυρία ἀναφέρει ὅτι τὸ προσωπικὸν τῆς πρεσβείας εὑρίσκεται εἰς κίνδυνον.

ΠΕΚΙΝΟΝ, 27. (Ρώυτερ).— Χιλιάδες ἐρυθροφρουροὶ καὶ σπουδασταὶ πολιορκοῦν τὴν πρεσβείαν τῆς Σοβιετικῆς Ἑνώσεως εἰς τὸ Πεκῖνον, ὡς ἀντίποινα διὰ τὰ ἐπεισόδια εἰς τὴν Μόσχαν ἐναντίον Κινέζων φοιτητῶν. Οἱ διαδηλωταὶ φέρουν πλακάτ καὶ κραυγάζουν συνθήματα κατὰ τῶν Σοβιετικῶν ἡγετῶν.

ΜΟΣΧΑ, 27. (Ἀσσ. Πρές).— Ἡ Σοβιετικὴ κυβέρνησις ὑπέβαλεν ἔντονον διαμαρτυρίαν πρὸς τὴν κυβέρνησιν τῆς Λαϊκῆς Κίνας. Ἡ διαμαρτυρία ἀναφέρει ὅτι τὸ προσωπικὸν τῆς πρεσβείας εὑρίσκεται εἰς κίνδυνον.

ΒΟΜΒΑ ΕΙΣ ΤΟ ΜΕΓΑΡΟΝ
ΤΗΣ ΕΝ ΛΕΥΚΩΣΙΑ
ΣΟΒΙΕΤΙΚΗΣ ΠΡΕΣΒΕΙΑΣ
Ὅροι ἐτέθησαν ὑπὸ τῆς Τουρκίας
διὰ τὴν συνέχισιν τοῦ διαλόγου

ΛΕΥΚΩΣΙΑ, 27. (Ἀσσ. Πρές).— Ὁ Ρῶσσος ἐπιτετραμμένος κ. Κοσύγκιν δὲν εὑρίσκετο εἰς τὸ κτίριον ὅταν ἐξερράγη χθὲς τὴν νύκτα βόμβα εἰς τὸ μέγαρον τῆς Σοβιετικῆς πρεσβείας. Ἡ ἔκρηξις προεκάλεσε μεγάλας ζημίας ἀλλὰ οὐδεὶς ἐτραυματίσθη. Ἡ Κυπριακὴ ἀστυνομία διεξάγει ἀνακρίσεις πρὸς ἀνακάλυψιν τῶν δραστῶν.

Ἡ Σοβιετικὴ πρεσβεία κατήγγειλε τὴν ἐπίθεσιν ὡς προβοκατόρικην πρᾶξιν ἀποσκοποῦσαν εἰς τὴν διατάραξιν τῶν σχέσεων μεταξὺ Κύπρου καὶ Σοβιετικῆς Ἑνώσεως. Ὁ πρόεδρος Μακάριος ἐξέφρασε τὴν λύπην του διὰ τὸ ἐπεισόδιον.

Ο ΔΙΑΛΟΓΟΣ

ΚΩΝΣΤΑΝΤΙΝΟΥΠΟΛΙΣ, 27. (Τοῦ ἀνταποκριτοῦ μας).— Ὁ Τοῦρκος ὑπουργὸς Ἐξωτερικῶν κ. Τσαγλαγιαγκὶλ ἐδήλωσεν ὅτι ἡ Τουρκία εἶναι διατεθειμένη νὰ συνεχίσῃ τὸν διάλογον μετὰ τῆς Ἑλλάδος ὑπὸ ὡρισμένους ὅρους. Μεταξὺ αὐτῶν περιλαμβάνεται ἡ ἐξασφάλισις τῶν δικαιωμάτων τῆς Τουρκοκυπριακῆς κοινότητος.

Ὁ κ. Τσαγλαγιαγκὶλ προσέθεσεν ὅτι ἡ Τουρκικὴ κυβέρνησις ἐξετάζει μετὰ προσοχῆς τὰς προτάσεις τῆς Ἑλληνικῆς πλευρᾶς. Τουρκικοὶ διπλωματικοὶ κύκλοι ἐκφράζουν ἐπιφυλάξεις διὰ τὴν ταχεῖαν ἐπίτευξιν λύσεως.

ΕΠΕΙΣΟΔΙΟΝ

ΛΕΥΚΩΣΙΑ, 27. (Ρώυτερ).— Μονάδες τῆς Ἐθνικῆς Φρουρᾶς ἀντήλλαξαν πυρὰ μετὰ Τουρκοκυπρίων ἐνόπλων εἰς περιοχὴν βορείως τῆς Λευκωσίας. Οὐδεὶς ἐτραυματίσθη. Ἡ Ὕπατος Ἀρμοστεία τῶν Ἡνωμένων Ἐθνῶν διεξάγει ἔρευναν.

ΤΕΛΕΤΟΥΡΓΙΑ

ΛΕΥΚΩΣΙΑ, 27. (Τοῦ ἀνταποκριτοῦ μας).— Κατόπιν ἀποφάσεως τῆς κυβερνήσεως ἐτελέσθη σήμερον εἰς τὸν Μητροπολιτικὸν Ναὸν ἐπιμνημόσυνος δέησις ὑπὲρ τῶν πεσόντων κατὰ τὸν ἀγῶνα τῆς ἀπελευθερώσεως. Παρέστησαν ὁ πρόεδρος Μακάριος, μέλη τῆς κυβερνήσεως καὶ πλῆθος κόσμου.

Φ. ΚΩΝΣΤΑΝΤΙΝΙΔΗΣ
ΤΑ ΓΕΡΜΑΝΙΚΑ ΟΠΛΑ

ΛΕΥΚΩΣΙΑ, 27. (Ἡν. Τύπος).— Ἡ Κυπριακὴ κυβέρνησις ἀρνεῖται ὅτι ἠγόρασεν ὅπλα ἀπὸ τὴν Δυτικὴν Γερμανίαν. Αἱ σχετικαὶ πληροφορίαι χαρακτηρίζονται ὡς ἀβάσιμοι.

ΠΡΟΘΥΜΟΝ ΔΙΑ ΣΥΝΟΜΙΛΙΑΣ ΤΟ ΑΝΟΙ
ΕΑΝ ΑΙ ΗΝΩΜΕΝΑΙ ΠΟΛΙΤΕΙΑΙ
ΔΙΑΚΟΨΟΥΝ ΤΟΥΣ ΒΟΜΒΑΡΔΙΣΜΟΥΣ
Ἐπανέλαβεν ὁ πρόεδρος Τσὶ Μὶνχ
εἰς τὸν ἡγέτην τῶν προτεσταντῶν
Ο ΥΙΟΣ ΤΟΥ ΤΣΙΑΝΟ
Ο ΑΦΗΡΕ ΣΤΕΦΑΝΟΝ
ΚΑΤΑΤΕΘΕΝΤΑ
ΥΠΟ ΤΟΥ ΠΟΝΤΙΚΟΡΝΥ

ΡΩΜΗ, 27. (Ἀσσ. Πρές).— Ὁ υἱὸς τοῦ Τσιάνο ἀφῄρεσε στέφανον τὸν ὁποῖον κατέθεσεν ὁ Ποντικόρνυ ἐπὶ τοῦ τάφου τοῦ πατρός του. Τὸ ἐπεισόδιον προεκάλεσεν αἴσθησιν εἰς τοὺς πολιτικοὺς κύκλους τῆς Ρώμης.

ΡΩΜΗ, 27. (Ἀσσ. Πρές).— Ὁ υἱὸς τοῦ Τσιάνο ἀφῄρεσε στέφανον τὸν ὁποῖον κατέθεσεν ὁ Ποντικόρνυ ἐπὶ τοῦ τάφου τοῦ πατρός του. Τὸ ἐπεισόδιον προεκάλεσεν αἴσθησιν εἰς τοὺς πολιτικοὺς κύκλους τῆς Ρώμης.

Ο ΠΑΤΡΙΑΡΧΗΣ ΕΩΡΤΑΣΕ
ΤΗΝ 18ΗΝ ΕΠΕΤΕΙΟΝ
ΤΗΣ ΑΝΑΡΡΗΣΕΩΣ ΤΟΥ

ΚΩΝΣΤΑΝΤΙΝΟΥΠΟΛΙΣ, 27. (Τ.Ο.Ε.).— Ὁ Οἰκουμενικὸς Πατριάρχης κ. Ἀθηναγόρας ἑώρτασε τὴν 18ην ἐπέτειον τῆς ἀναρρήσεώς του εἰς τὸν Πατριαρχικὸν θρόνον. Εἰς τὸν Πατριαρχικὸν Ναὸν ἐτελέσθη δοξολογία.

ΚΩΝΣΤΑΝΤΙΝΟΥΠΟΛΙΣ, 27. (Τ.Ο.Ε.).— Ὁ Οἰκουμενικὸς Πατριάρχης κ. Ἀθηναγόρας ἑώρτασε τὴν 18ην ἐπέτειον τῆς ἀναρρήσεώς του εἰς τὸν Πατριαρχικὸν θρόνον. Εἰς τὸν Πατριαρχικὸν Ναὸν ἐτελέσθη δοξολογία.

ΛΑΦΥΡΑΓΩΓΟΥΝΤΑΙ
ΤΑ ΚΑΤΑΣΤΗΜΑΤΑ
ΕΙΣ ΣΙΚΑΓΟΝ

ΣΙΚΑΓΟΝ, 27. (Ρώυτερ).— Ἐκμεταλλευόμενοι τὴν χιονοθύελλαν, λαφυραγωγοὶ εἰσέβαλον εἰς καταστήματα καὶ ἀφήρεσαν ἐμπορεύματα. Ἡ ἀστυνομία συνέλαβε δεκάδας ἀτόμων.

ΣΙΚΑΓΟΝ, 27. (Ρώυτερ).— Ἐκμεταλλευόμενοι τὴν χιονοθύελλαν, λαφυραγωγοὶ εἰσέβαλον εἰς καταστήματα καὶ ἀφήρεσαν ἐμπορεύματα. Ἡ ἀστυνομία συνέλαβε δεκάδας ἀτόμων.

Ο κ. ΣΜΙΘ ΠΡΟΣΕΚΛΗΘΗ
ΕΙΣ ΣΥΝΔΡΙΟΝ
ΤΩΝ ΕΚΚΛΗΣΙΩΝ

ΟΥΑΣΙΓΚΤΩΝ, 27. (Ρώυτερ).— Ὁ πρωθυπουργὸς τῆς Ροδεσίας κ. Σμὶθ προσεκλήθη εἰς συνέδριον τῶν Ἐκκλησιῶν διὰ νὰ ἐκθέσῃ τὰς ἀπόψεις τῆς κυβερνήσεώς του ἐπὶ τοῦ φυλετικοῦ ζητήματος.

ΟΥΑΣΙΓΚΤΩΝ, 27. (Ρώυτερ).— Ὁ πρωθυπουργὸς τῆς Ροδεσίας κ. Σμὶθ προσεκλήθη εἰς συνέδριον τῶν Ἐκκλησιῶν διὰ νὰ ἐκθέσῃ τὰς ἀπόψεις τῆς κυβερνήσεώς του ἐπὶ τοῦ φυλετικοῦ ζητήματος.

Η ΙΣΠΑΝΙΑ
ΔΕΝ ΑΝΑΓΝΩΡΙΖΕΙ
ΤΟ ΙΣΡΑΗΛ

ΒΗΡΥΤΟΣ, 27. (Ρώυτερ).— Ὁ Ἱσπανὸς ὑπουργὸς Ἐξωτερικῶν ἐδήλωσεν ὅτι ἡ Ἱσπανία δὲν πρόκειται νὰ ἀναγνωρίσῃ τὸ Ἰσραήλ. Ἡ δήλωσις αὕτη ἐγένετο κατὰ τὴν διάρκειαν ἐπισκέψεώς του εἰς τὸν Λίβανον.

ΒΗΡΥΤΟΣ, 27. (Ρώυτερ).— Ὁ Ἱσπανὸς ὑπουργὸς Ἐξωτερικῶν ἐδήλωσεν ὅτι ἡ Ἱσπανία δὲν πρόκειται νὰ ἀναγνωρίσῃ τὸ Ἰσραήλ. Ἡ δήλωσις αὕτη ἐγένετο κατὰ τὴν διάρκειαν ἐπισκέψεώς του εἰς τὸν Λίβανον.

ΒΗΡΥΤΟΣ, 27. (Ρώυτερ).— Ὁ Ἱσπανὸς ὑπουργὸς Ἐξωτερικῶν ἐδήλωσεν ὅτι ἡ Ἱσπανία δὲν πρόκειται νὰ ἀναγνωρίσῃ τὸ Ἰσραήλ. Ἡ δήλωσις αὕτη ἐγένετο κατὰ τὴν διάρκειαν ἐπισκέψεώς του εἰς τὸν Λίβανον.

ΒΗΡΥΤΟΣ, 27. (Ρώυτερ).— Ὁ Ἱσπανὸς ὑπουργὸς Ἐξωτερικῶν ἐδήλωσεν ὅτι ἡ Ἱσπανία δὲν πρόκειται νὰ ἀναγνωρίσῃ τὸ Ἰσραήλ. Ἡ δήλωσις αὕτη ἐγένετο κατὰ τὴν διάρκειαν ἐπισκέψεώς του εἰς τὸν Λίβανον.

ΛΕΥΚΩΣΙΑ, 27. (Ἡν. Τύπος).— Ἡ Κυπριακὴ κυβέρνησις ἀρνεῖται ὅτι ἠγόρασεν ὅπλα ἀπὸ τὴν Δυτικὴν Γερμανίαν. Αἱ σχετικαὶ πληροφορίαι χαρακτηρίζονται ὡς ἀβάσιμοι.

ΑΤΤΙΚΟΝ ΣΧΟΛΕΙΟΝ

ΑΘΗΝΑΙ, 27. (Ἡν. Τύπος).— Ὁ ἀρχηγὸς τῆς Ἑνώσεως Κέντρου κ. Γ. Παπανδρέου ἐδήλωσεν ὅτι ἡ χώρα χρειάζεται σταθερὰν κυβέρνησιν. Ὁ κ. Παπανδρέου ἐτόνισεν ὅτι αἱ ἐκλογαὶ πρέπει νὰ διεξαχθοῦν ἐντὸς τῶν προθεσμιῶν τοῦ Συντάγματος.

ΑΘΗΝΑΙ, 27. (Ἡν. Τύπος).— Ὁ ἀρχηγὸς τῆς Ἑνώσεως Κέντρου κ. Γ. Παπανδρέου ἐδήλωσεν ὅτι ἡ χώρα χρειάζεται σταθερὰν κυβέρνησιν. Ὁ κ. Παπανδρέου ἐτόνισεν ὅτι αἱ ἐκλογαὶ πρέπει νὰ διεξαχθοῦν ἐντὸς τῶν προθεσμιῶν τοῦ Συντάγματος.

Η ΟΙΚΟΝΟΜΙΑ

ΛΕΥΚΩΣΙΑ, 27. (Ἀσσ. Πρές).— Ὁ ὑπουργὸς Οἰκονομικῶν ἐδήλωσεν ὅτι ἡ Κυπριακὴ οἰκονομία σημειώνει ἱκανοποιητικὴν πρόοδον. Αἱ ἐξαγωγαὶ κατὰ τὸ 1966 ἀνῆλθον εἰς ὑψηλότερα ἐπίπεδα ἀπὸ τὸ προηγούμενον ἔτος. Ἡ κυβέρνησις προγραμματίζει νέα ἔργα ὑποδομῆς.

Ὁ ὑπουργὸς προσέθεσεν ὅτι ἡ τουριστικὴ κίνησις παρουσιάζει σημαντικὴν αὔξησιν καὶ ὅτι προβλέπεται περαιτέρω ἀνάπτυξις κατὰ τὸ τρέχον ἔτος.

ΛΕΥΚΩΣΙΑ, 27. (Ἀσσ. Πρές).— Ὁ ὑπουργὸς Οἰκονομικῶν ἐδήλωσεν ὅτι ἡ Κυπριακὴ οἰκονομία σημειώνει ἱκανοποιητικὴν πρόοδον. Αἱ ἐξαγωγαὶ κατὰ τὸ 1966 ἀνῆλθον εἰς ὑψηλότερα ἐπίπεδα ἀπὸ τὸ προηγούμενον ἔτος. Ἡ κυβέρνησις προγραμματίζει νέα ἔργα ὑποδομῆς.

Ὁ ὑπουργὸς προσέθεσεν ὅτι ἡ τουριστικὴ κίνησις παρουσιάζει σημαντικὴν αὔξησιν καὶ ὅτι προβλέπεται περαιτέρω ἀνάπτυξις κατὰ τὸ τρέχον ἔτος.

ΑΘΗΝΑΙ, 27. (Ἡν. Τύπος).— Ὁ ἀρχηγὸς τῆς Ἑνώσεως Κέντρου κ. Γ. Παπανδρέου ἐδήλωσεν ὅτι ἡ χώρα χρειάζεται σταθερὰν κυβέρνησιν. Ὁ κ. Παπανδρέου ἐτόνισεν ὅτι αἱ ἐκλογαὶ πρέπει νὰ διεξαχθοῦν ἐντὸς τῶν προθεσμιῶν τοῦ Συντάγματος.

ΒΟΝΝΗ, 27. (Ἡνωμ. Τύπος).— Ὁ πρόεδρος τοῦ Βορείου Βιετνάμ Χὸ Τσὶ Μὶνχ ἐπανέλαβεν εἰς ἐπιστολήν του πρὸς τὸν ἡγέτην τῶν Γερμανῶν προτεσταντῶν ὅτι τὸ Ἀνόι εἶναι πρόθυμον διὰ συνομιλίας ἐὰν αἱ Ἡνωμέναι Πολιτεῖαι διακόψουν ἀνεπιφυλάκτως τοὺς βομβαρδισμοὺς καὶ πᾶσαν ἄλλην πολεμικὴν ἐνέργειαν κατὰ τοῦ Βορείου Βιετνάμ.

Ὁ Χὸ Τσὶ Μὶνχ ἐτόνισεν ὅτι ὁ λαὸς τοῦ Βιετνὰμ ἐπιθυμεῖ τὴν εἰρήνην ἀλλὰ δὲν θὰ ὑποκύψῃ εἰς τὰς πιέσεις. Ἡ ἐπιστολὴ ἐδημοσιεύθη ὑπὸ τῆς Γερμανικῆς Εὐαγγελικῆς Ἐκκλησίας.

ΒΟΝΝΗ, 27. (Ἡνωμ. Τύπος).— Ὁ πρόεδρος τοῦ Βορείου Βιετνάμ Χὸ Τσὶ Μὶνχ ἐπανέλαβεν εἰς ἐπιστολήν του πρὸς τὸν ἡγέτην τῶν Γερμανῶν προτεσταντῶν ὅτι τὸ Ἀνόι εἶναι πρόθυμον διὰ συνομιλίας ἐὰν αἱ Ἡνωμέναι Πολιτεῖαι διακόψουν ἀνεπιφυλάκτως τοὺς βομβαρδισμοὺς καὶ πᾶσαν ἄλλην πολεμικὴν ἐνέργειαν κατὰ τοῦ Βορείου Βιετνάμ.

Η ΘΕΣΙΣ ΤΟΥ ΚΥ

Ὁ Χὸ Τσὶ Μὶνχ ἐτόνισεν ὅτι ὁ λαὸς τοῦ Βιετνὰμ ἐπιθυμεῖ τὴν εἰρήνην ἀλλὰ δὲν θὰ ὑποκύψῃ εἰς τὰς πιέσεις. Ἡ ἐπιστολὴ ἐδημοσιεύθη ὑπὸ τῆς Γερμανικῆς Εὐαγγελικῆς Ἐκκλησίας.

Η ΕΚΛΕΚΤΙΑ

ΒΟΝΝΗ, 27. (Ἡνωμ. Τύπος).— Ὁ πρόεδρος τοῦ Βορείου Βιετνάμ Χὸ Τσὶ Μὶνχ ἐπανέλαβεν εἰς ἐπιστολήν του πρὸς τὸν ἡγέτην τῶν Γερμανῶν προτεσταντῶν ὅτι τὸ Ἀνόι εἶναι πρόθυμον διὰ συνομιλίας ἐὰν αἱ Ἡνωμέναι Πολιτεῖαι διακόψουν ἀνεπιφυλάκτως τοὺς βομβαρδισμοὺς καὶ πᾶσαν ἄλλην πολεμικὴν ἐνέργειαν κατὰ τοῦ Βορείου Βιετνάμ.

ΑΜΕΡΙΚΑΝΙΚΗ ΕΝΕΔΡΑ

Ὁ Χὸ Τσὶ Μὶνχ ἐτόνισεν ὅτι ὁ λαὸς τοῦ Βιετνὰμ ἐπιθυμεῖ τὴν εἰρήνην ἀλλὰ δὲν θὰ ὑποκύψῃ εἰς τὰς πιέσεις. Ἡ ἐπιστολὴ ἐδημοσιεύθη ὑπὸ τῆς Γερμανικῆς Εὐαγγελικῆς Ἐκκλησίας.

Ο ΑΠΟΣΤΟΛΗ ΦΑΡΜΑΚΩΝ

ΒΟΝΝΗ, 27. (Ἡνωμ. Τύπος).— Ὁ πρόεδρος τοῦ Βορείου Βιετνάμ Χὸ Τσὶ Μὶνχ ἐπανέλαβεν εἰς ἐπιστολήν του πρὸς τὸν ἡγέτην τῶν Γερμανῶν προτεσταντῶν ὅτι τὸ Ἀνόι εἶναι πρόθυμον διὰ συνομιλίας ἐὰν αἱ Ἡνωμέναι Πολιτεῖαι διακόψουν ἀνεπιφυλάκτως τοὺς βομβαρδισμοὺς καὶ πᾶσαν ἄλλην πολεμικὴν ἐνέργειαν κατὰ τοῦ Βορείου Βιετνάμ.

Ὁ Χὸ Τσὶ Μὶνχ ἐτόνισεν ὅτι ὁ λαὸς τοῦ Βιετνὰμ ἐπιθυμεῖ τὴν εἰρήνην ἀλλὰ δὲν θὰ ὑποκύψῃ εἰς τὰς πιέσεις. Ἡ ἐπιστολὴ ἐδημοσιεύθη ὑπὸ τῆς Γερμανικῆς Εὐαγγελικῆς Ἐκκλησίας.

ΜΙΚΡΑΙ ΕΞΩΤΕΡΙΚΑΙ ΕΙΔΗΣΕΙΣ

Ο ΠΡΟΕΔΡΟΣ τῆς Ὁμοσπονδιακῆς Γερμανίας κ. Λίμπκε θὰ ἐπισκεφθῇ ἐπισήμως τὴν Ἑλλάδα κατὰ τὸν προσεχῆ μῆνα. — Ο ΣΟΒΙΕΤΙΚΟΣ ὑπουργὸς Ἐξωτερικῶν θὰ μεταβῇ εἰς τὸ Λονδῖνον. — ΑΠΕΦΑΣΙΣΘΗ ἡ σύγκλησις διεθνοῦς διασκέψεως διὰ τὸν ἀφοπλισμόν. — Η ΚΥΒΕΡΝΗΣΙΣ τῆς Ἰνδίας ἀνήγγειλε νέα μέτρα διὰ τὴν καταπολέμησιν τῆς πείνης.

Ο ΑΡΧΗΓΟΣ τοῦ Βρεταννικοῦ Ἐργατικοῦ κόμματος ἐδήλωσεν ὅτι ἡ Ἀγγλία θὰ ὑποβάλῃ αἴτησιν προσχωρήσεως εἰς τὴν Κοινὴν Ἀγοράν. — ΕΠΕΙΣΟΔΙΑ ἐσημειώθησαν εἰς τὸ Ἄντεν μεταξὺ Βρεταννῶν στρατιωτῶν καὶ ἐθνικιστῶν. — Ο ΠΡΟΕΔΡΟΣ Ντὲ Γκὼλ θὰ ἀπευθύνῃ διάγγελμα πρὸς τὸν Γαλλικὸν λαόν.

Ο ΓΕΝΙΚΟΣ γραμματεὺς τῶν Ἡνωμένων Ἐθνῶν κ. Θὰντ ἐξέφρασε τὴν ἀνησυχίαν του διὰ τὴν κατάστασιν εἰς τὸ Βιετνάμ. — ΣΥΝΕΛΗΦΘΗΣΑΝ εἰς Βερολῖνον δύο κατάσκοποι. — Ο ΑΡΧΙΕΠΙΣΚΟΠΟΣ Κανταουρίας θὰ ἐπισκεφθῇ τὴν Ρώμην.

Ο ΠΡΟΕΔΡΟΣ τῆς Ὁμοσπονδιακῆς Γερμανίας κ. Λίμπκε θὰ ἐπισκεφθῇ ἐπισήμως τὴν Ἑλλάδα κατὰ τὸν προσεχῆ μῆνα. — Ο ΣΟΒΙΕΤΙΚΟΣ ὑπουργὸς Ἐξωτερικῶν θὰ μεταβῇ εἰς τὸ Λονδῖνον. — ΑΠΕΦΑΣΙΣΘΗ ἡ σύγκλησις διεθνοῦς διασκέψεως διὰ τὸν ἀφοπλισμόν. — Η ΚΥΒΕΡΝΗΣΙΣ τῆς Ἰνδίας ἀνήγγειλε νέα μέτρα διὰ τὴν καταπολέμησιν τῆς πείνης.

Ο ΑΡΧΗΓΟΣ τοῦ Βρεταννικοῦ Ἐργατικοῦ κόμματος ἐδήλωσεν ὅτι ἡ Ἀγγλία θὰ ὑποβάλῃ αἴτησιν προσχωρήσεως εἰς τὴν Κοινὴν Ἀγοράν. — ΕΠΕΙΣΟΔΙΑ ἐσημειώθησαν εἰς τὸ Ἄντεν μεταξὺ Βρεταννῶν στρατιωτῶν καὶ ἐθνικιστῶν. — Ο ΠΡΟΕΔΡΟΣ Ντὲ Γκὼλ θὰ ἀπευθύνῃ διάγγελμα πρὸς τὸν Γαλλικὸν λαόν.
